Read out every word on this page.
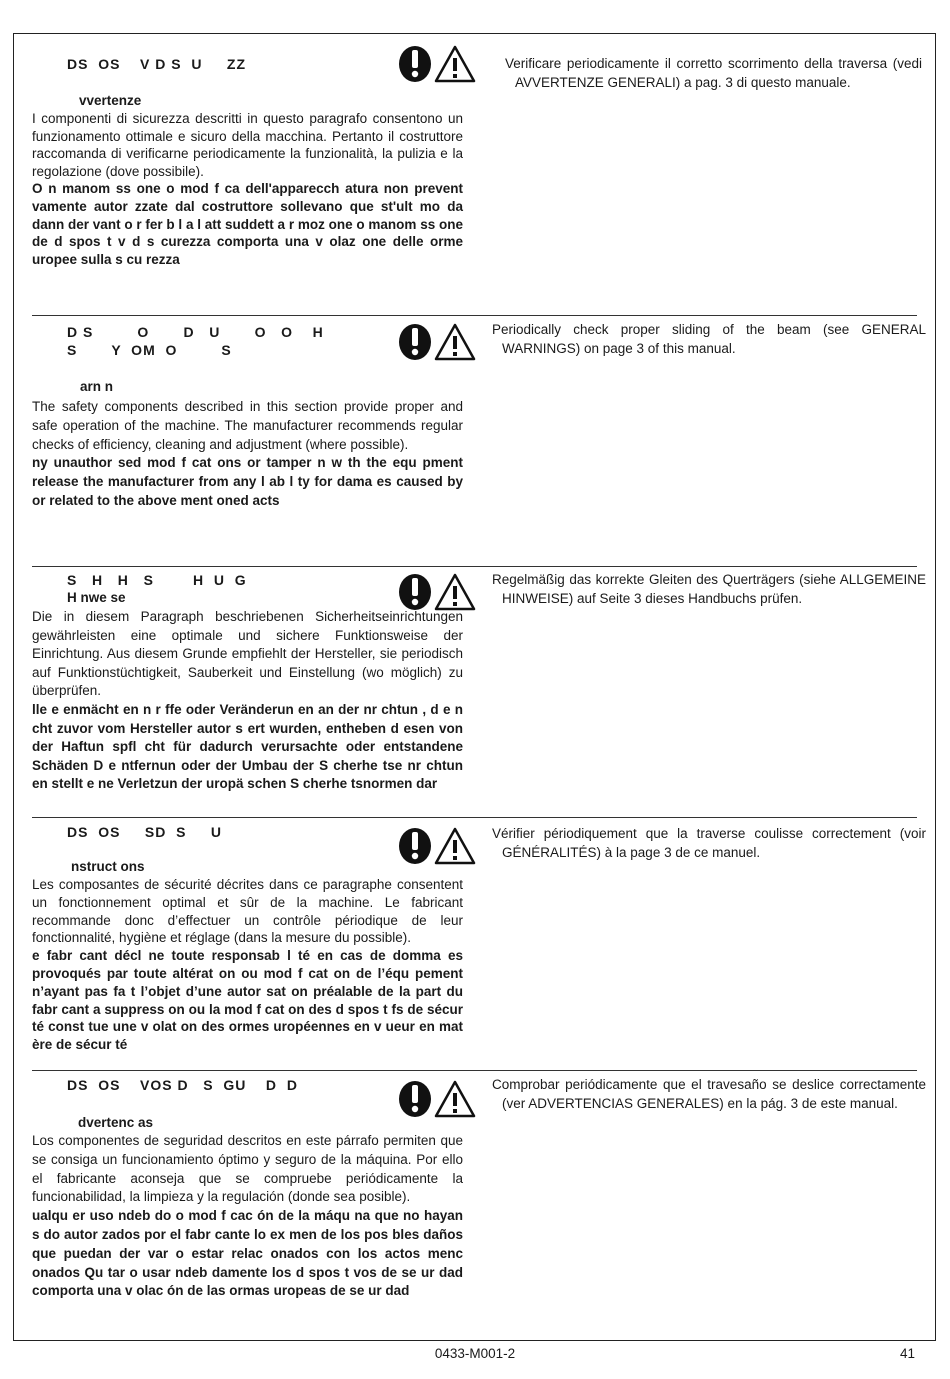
DS  OS    V D S  U     ZZ
vvertenze

I componenti di sicurezza descritti in questo paragrafo consentono un funzionamento ottimale e sicuro della macchina. Pertanto il costruttore raccomanda di verificarne periodicamente la funzionalità, la pulizia e la regolazione (dove possibile).

O n manom ss one o mod f ca dell'apparecch atura non prevent vamente autor zzate dal costruttore sollevano que st'ult mo da dann der vant o r fer b l a l att suddett a r moz one o manom ss one de d spos t v d s curezza comporta una v olaz one delle orme uropee sulla s cu rezza

Verificare periodicamente il corretto scorrimento della traversa (vedi AVVERTENZE GENERALI) a pag. 3 di questo manuale.
D S         O       D   U       O   O    H
S       Y  OM  O         S
arn n

The safety components described in this section provide proper and safe operation of the machine. The manufacturer recommends regular checks of efficiency, cleaning and adjustment (where possible).

ny unauthor sed mod f cat ons or tamper n w th the equ pment release the manufacturer from any l ab l ty for dama es caused by or related to the above ment oned acts

Periodically check proper sliding of the beam (see GENERAL WARNINGS) on page 3 of this manual.
S   H   H   S        H  U  G
H nwe se

Die in diesem Paragraph beschriebenen Sicherheitseinrichtungen gewährleisten eine optimale und sichere Funktionsweise der Einrichtung. Aus diesem Grunde empfiehlt der Hersteller, sie periodisch auf Funktionstüchtigkeit, Sauberkeit und Einstellung (wo möglich) zu überprüfen.

lle e enmächt en n r ffe oder Veränderun en an der nr chtun , d e n cht zuvor vom Hersteller autor s ert wurden, entheben d esen von der Haftun spfl cht für dadurch verursachte oder entstandene Schäden D e ntfernun oder der Umbau der S cherhe tse nr chtun en stellt e ne Verletzun der uropä schen S cherhe tsnormen dar

Regelmäßig das korrekte Gleiten des Querträgers (siehe ALLGEMEINE HINWEISE) auf Seite 3 dieses Handbuchs prüfen.
DS  OS     SD  S     U
nstruct ons

Les composantes de sécurité décrites dans ce paragraphe consentent un fonctionnement optimal et sûr de la machine. Le fabricant recommande donc d’effectuer un contrôle périodique de leur fonctionnalité, hygiène et réglage (dans la mesure du possible).

e fabr cant décl ne toute responsab l té en cas de domma es provoqués par toute altérat on ou mod f cat on de l’équ pement n’ayant pas fa t l’objet d’une autor sat on préalable de la part du fabr cant a suppress on ou la mod f cat on des d spos t fs de sécur té const tue une v olat on des ormes uropéennes en v ueur en mat ère de sécur té

Vérifier périodiquement que la traverse coulisse correctement (voir GÉNÉRALITÉS) à la page 3 de ce manuel.
DS  OS    VOS D   S  GU    D  D
dvertenc as

Los componentes de seguridad descritos en este párrafo permiten que se consiga un funcionamiento óptimo y seguro de la máquina. Por ello el fabricante aconseja que se compruebe periódicamente la funcionabilidad, la limpieza y la regulación (donde sea posible).

ualqu er uso ndeb do o mod f cac ón de la máqu na que no hayan s do autor zados por el fabr cante lo ex men de los pos bles daños que puedan der var o estar relac onados con los actos menc onados Qu tar o usar ndeb damente los d spos t vos de se ur dad comporta una v olac ón de las ormas uropeas de se ur dad

Comprobar periódicamente que el travesaño se deslice correctamente (ver ADVERTENCIAS GENERALES) en la pág. 3 de este manual.
0433-M001-2	41
